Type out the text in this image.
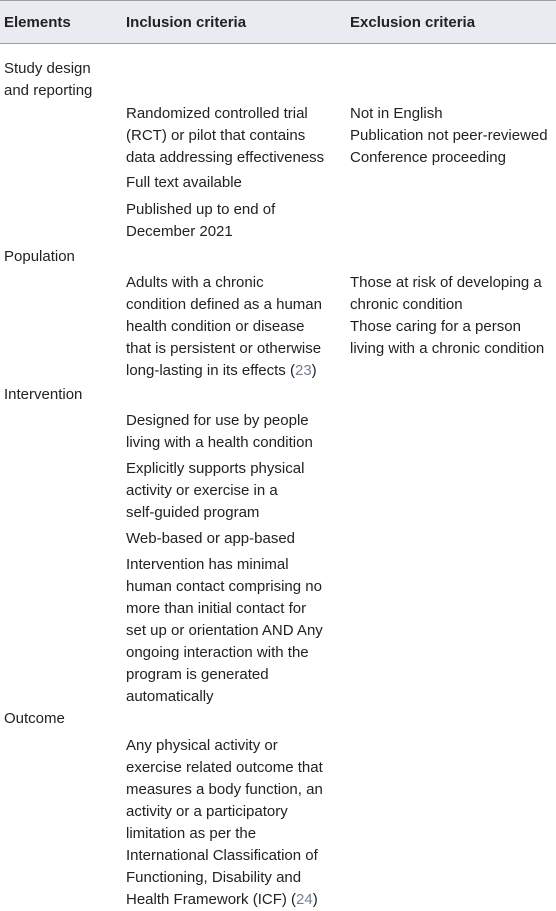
Elements	Inclusion criteria	Exclusion criteria
Study design
and reporting
Randomized controlled trial
(RCT) or pilot that contains
data addressing effectiveness
Full text available
Published up to end of
December 2021
Not in English
Publication not peer-reviewed
Conference proceeding
Population
Adults with a chronic
condition defined as a human
health condition or disease
that is persistent or otherwise
long-lasting in its effects (23)
Those at risk of developing a
chronic condition
Those caring for a person
living with a chronic condition
Intervention
Designed for use by people
living with a health condition
Explicitly supports physical
activity or exercise in a
self-guided program
Web-based or app-based
Intervention has minimal
human contact comprising no
more than initial contact for
set up or orientation AND Any
ongoing interaction with the
program is generated
automatically
Outcome
Any physical activity or
exercise related outcome that
measures a body function, an
activity or a participatory
limitation as per the
International Classification of
Functioning, Disability and
Health Framework (ICF) (24)
